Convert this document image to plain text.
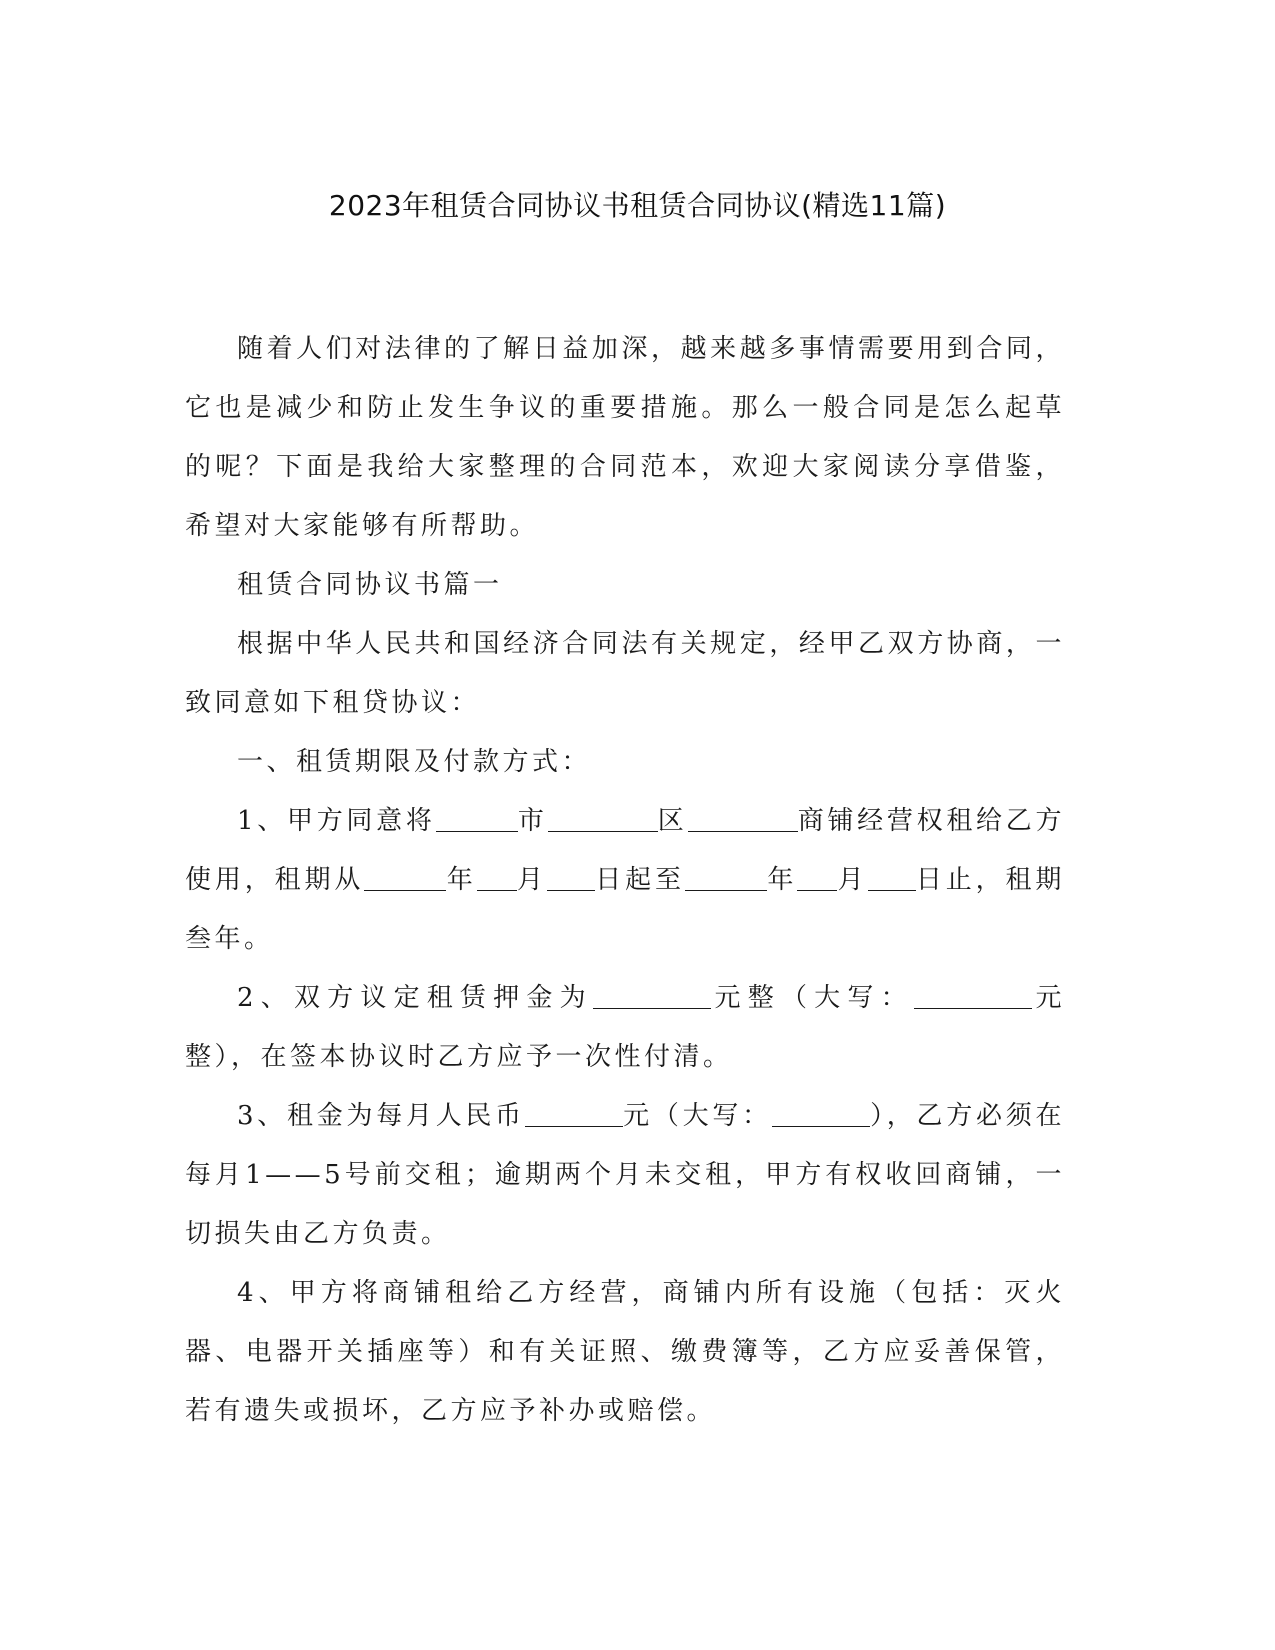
2023年租赁合同协议书租赁合同协议(精选11篇)

随着人们对法律的了解日益加深，越来越多事情需要用到合同，它也是减少和防止发生争议的重要措施。那么一般合同是怎么起草的呢？下面是我给大家整理的合同范本，欢迎大家阅读分享借鉴，希望对大家能够有所帮助。

租赁合同协议书篇一

根据中华人民共和国经济合同法有关规定，经甲乙双方协商，一致同意如下租贷协议：

一、租赁期限及付款方式：

1、甲方同意将	市	区	商铺经营权租给乙方使用，租期从	年 月 日起至	年 月 日止，租期叁年。

2、双方议定租赁押金为	元整（大写：	元整），在签本协议时乙方应予一次性付清。

3、租金为每月人民币	元（大写：	），乙方必须在每月1——5号前交租；逾期两个月未交租，甲方有权收回商铺，一切损失由乙方负责。

4、甲方将商铺租给乙方经营，商铺内所有设施（包括：灭火器、电器开关插座等）和有关证照、缴费簿等，乙方应妥善保管，若有遗失或损坏，乙方应予补办或赔偿。
